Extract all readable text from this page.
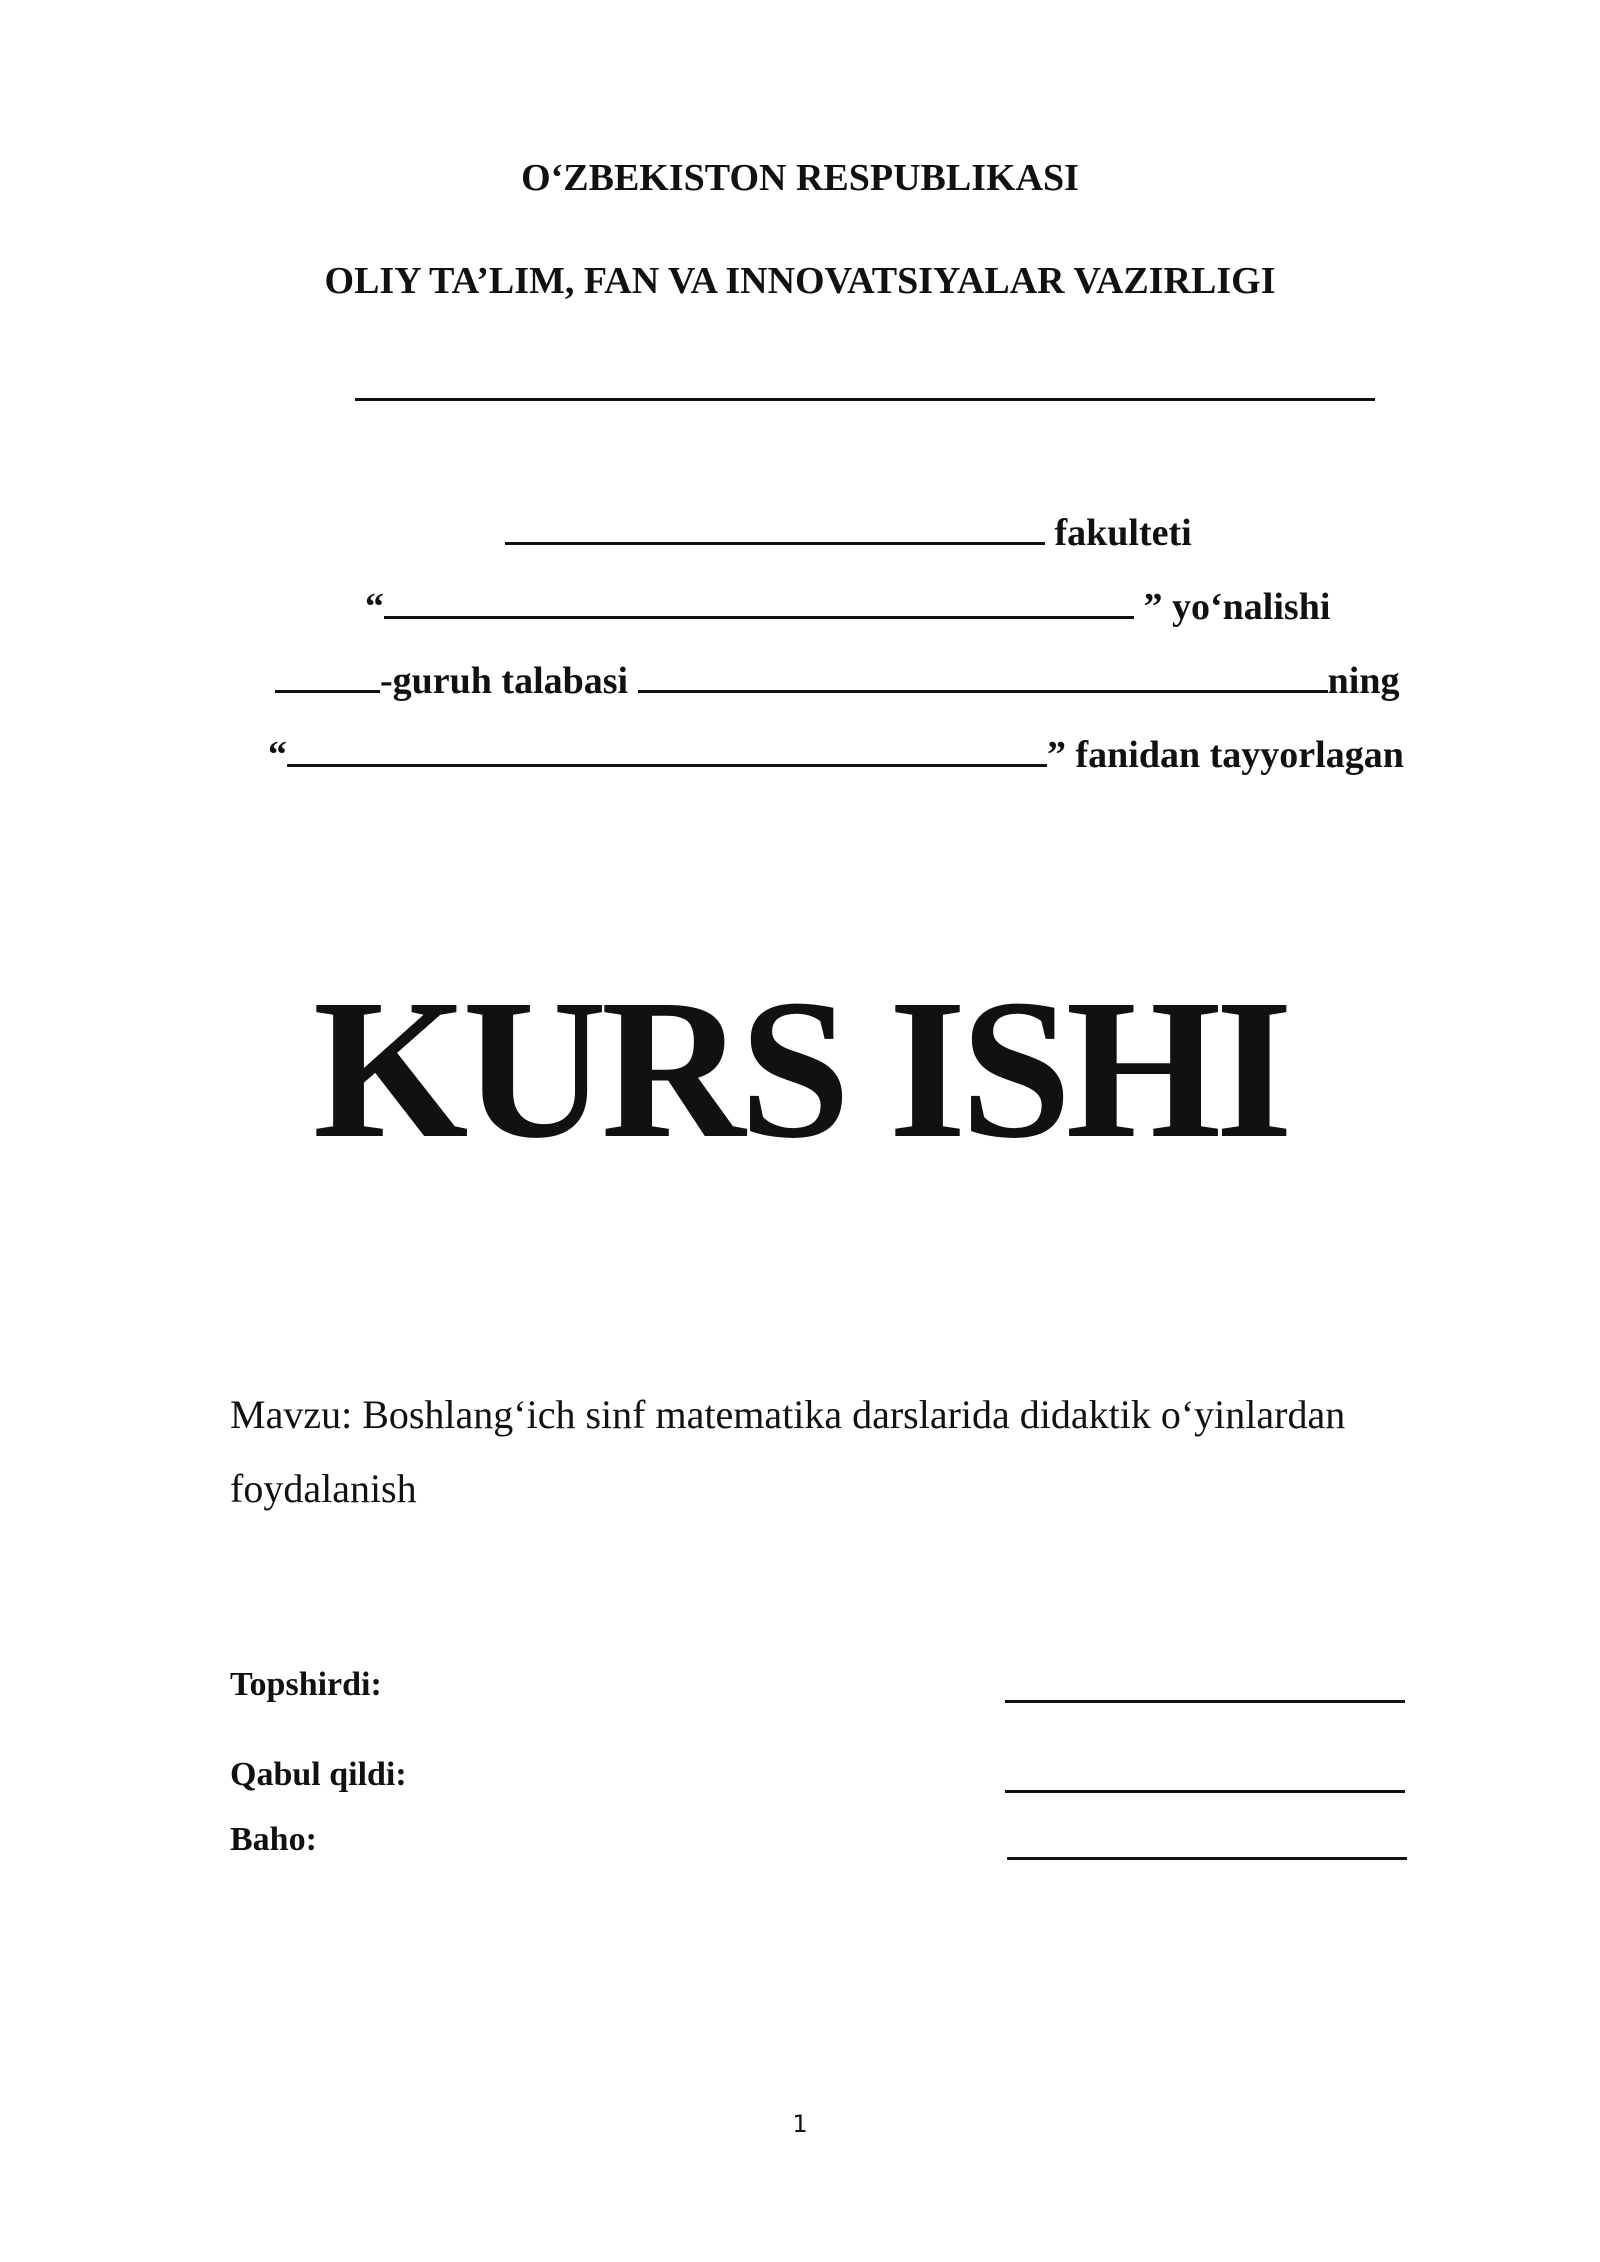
O‘ZBEKISTON RESPUBLIKASI
OLIY TA’LIM, FAN VA INNOVATSIYALAR VAZIRLIGI
fakulteti
“	” yo‘nalishi
-guruh talabasi	ning
“	” fanidan tayyorlagan
KURS ISHI
Mavzu: Boshlang‘ich sinf matematika darslarida didaktik o‘yinlardan
foydalanish
Topshirdi:
Qabul qildi:
Baho:
1
